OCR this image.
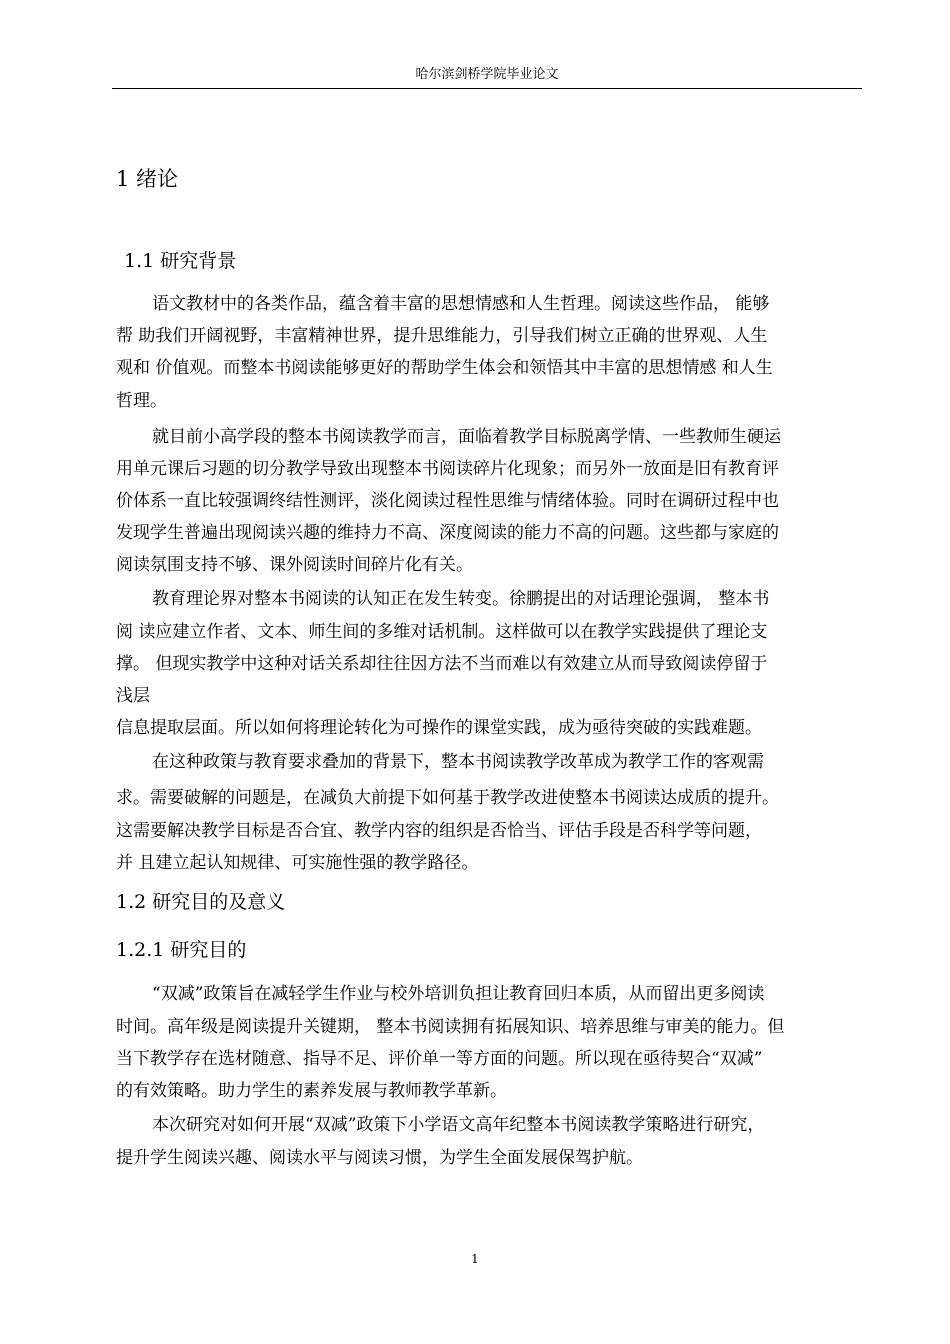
哈尔滨剑桥学院毕业论文
1 绪论
1.1 研究背景
语文教材中的各类作品，蕴含着丰富的思想情感和人生哲理。阅读这些作品， 能够
帮 助我们开阔视野，丰富精神世界，提升思维能力，引导我们树立正确的世界观、人生
观和 价值观。而整本书阅读能够更好的帮助学生体会和领悟其中丰富的思想情感 和人生
哲理。
就目前小高学段的整本书阅读教学而言，面临着教学目标脱离学情、一些教师生硬运
用单元课后习题的切分教学导致出现整本书阅读碎片化现象；而另外一放面是旧有教育评
价体系一直比较强调终结性测评，淡化阅读过程性思维与情绪体验。同时在调研过程中也
发现学生普遍出现阅读兴趣的维持力不高、深度阅读的能力不高的问题。这些都与家庭的
阅读氛围支持不够、课外阅读时间碎片化有关。
教育理论界对整本书阅读的认知正在发生转变。徐鹏提出的对话理论强调， 整本书
阅 读应建立作者、文本、师生间的多维对话机制。这样做可以在教学实践提供了理论支
撑。 但现实教学中这种对话关系却往往因方法不当而难以有效建立从而导致阅读停留于
浅层
信息提取层面。所以如何将理论转化为可操作的课堂实践，成为亟待突破的实践难题。
在这种政策与教育要求叠加的背景下，整本书阅读教学改革成为教学工作的客观需
求。需要破解的问题是，在减负大前提下如何基于教学改进使整本书阅读达成质的提升。
这需要解决教学目标是否合宜、教学内容的组织是否恰当、评估手段是否科学等问题，
并 且建立起认知规律、可实施性强的教学路径。
1.2 研究目的及意义
1.2.1 研究目的
“双减”政策旨在减轻学生作业与校外培训负担让教育回归本质，从而留出更多阅读
时间。高年级是阅读提升关键期， 整本书阅读拥有拓展知识、培养思维与审美的能力。但
当下教学存在选材随意、指导不足、评价单一等方面的问题。所以现在亟待契合“双减”
的有效策略。助力学生的素养发展与教师教学革新。
本次研究对如何开展“双减”政策下小学语文高年纪整本书阅读教学策略进行研究，
提升学生阅读兴趣、阅读水平与阅读习惯，为学生全面发展保驾护航。
1
